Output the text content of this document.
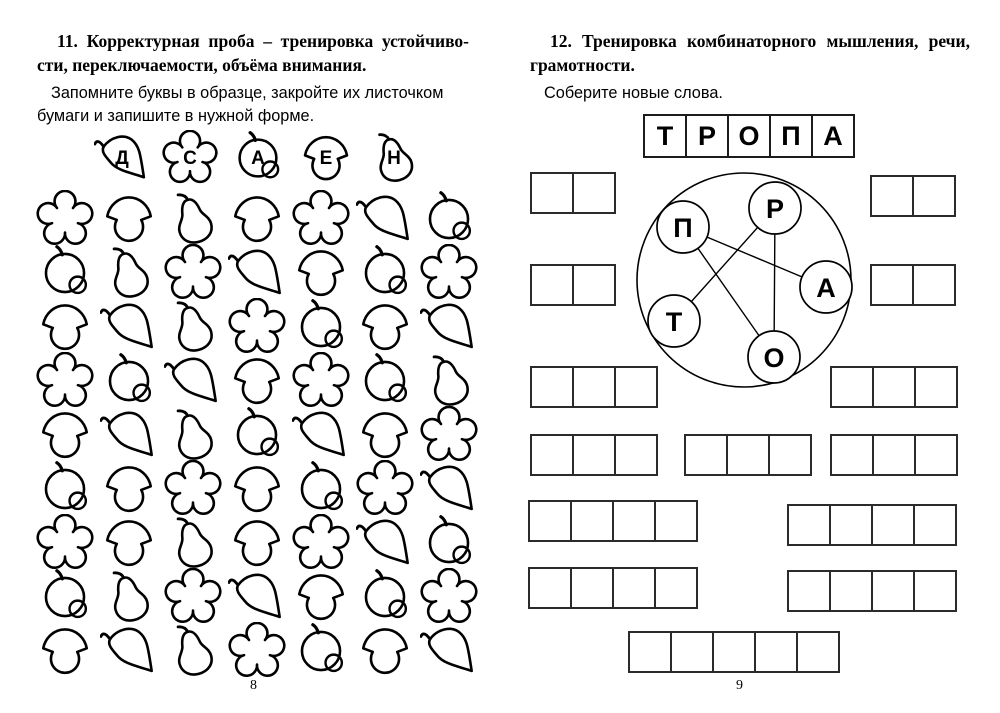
11. Корректурная проба – тренировка устойчиво-
сти, переключаемости, объёма внимания.
Запомните буквы в образце, закройте их листочком
бумаги и запишите в нужной форме.
Д	С	А	Е	Н
8
12. Тренировка комбинаторного мышления, речи,
грамотности.
Соберите новые слова.
Т Р О П А
П
Р
А
Т
О
9
